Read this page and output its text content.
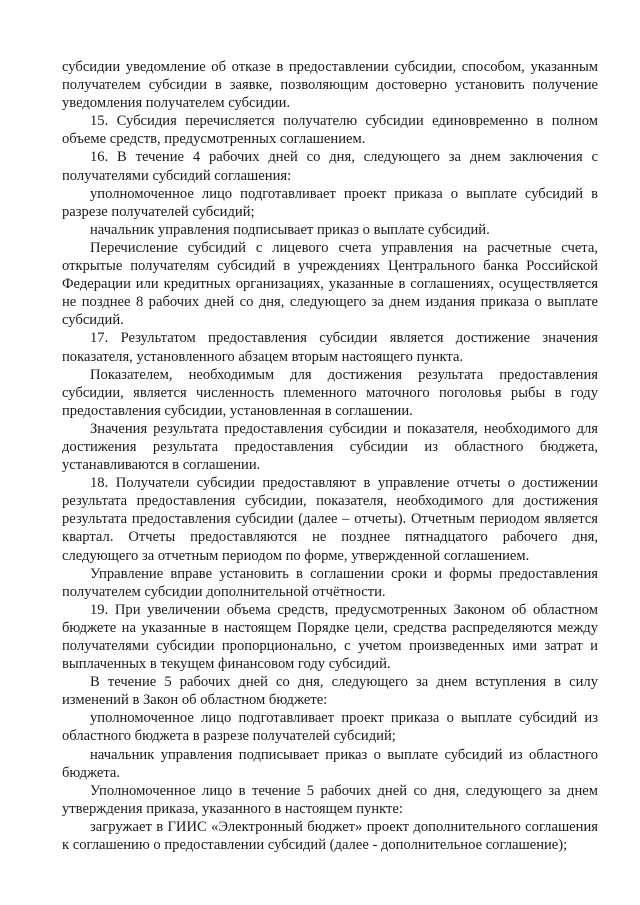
субсидии уведомление об отказе в предоставлении субсидии, способом, указанным получателем субсидии в заявке, позволяющим достоверно установить получение уведомления получателем субсидии.

15. Субсидия перечисляется получателю субсидии единовременно в полном объеме средств, предусмотренных соглашением.

16. В течение 4 рабочих дней со дня, следующего за днем заключения с получателями субсидий соглашения:

уполномоченное лицо подготавливает проект приказа о выплате субсидий в разрезе получателей субсидий;

начальник управления подписывает приказ о выплате субсидий.

Перечисление субсидий с лицевого счета управления на расчетные счета, открытые получателям субсидий в учреждениях Центрального банка Российской Федерации или кредитных организациях, указанные в соглашениях, осуществляется не позднее 8 рабочих дней со дня, следующего за днем издания приказа о выплате субсидий.

17. Результатом предоставления субсидии является достижение значения показателя, установленного абзацем вторым настоящего пункта.

Показателем, необходимым для достижения результата предоставления субсидии, является численность племенного маточного поголовья рыбы в году предоставления субсидии, установленная в соглашении.

Значения результата предоставления субсидии и показателя, необходимого для достижения результата предоставления субсидии из областного бюджета, устанавливаются в соглашении.

18. Получатели субсидии предоставляют в управление отчеты о достижении результата предоставления субсидии, показателя, необходимого для достижения результата предоставления субсидии (далее – отчеты). Отчетным периодом является квартал. Отчеты предоставляются не позднее пятнадцатого рабочего дня, следующего за отчетным периодом по форме, утвержденной соглашением.

Управление вправе установить в соглашении сроки и формы предоставления получателем субсидии дополнительной отчётности.

19. При увеличении объема средств, предусмотренных Законом об областном бюджете на указанные в настоящем Порядке цели, средства распределяются между получателями субсидии пропорционально, с учетом произведенных ими затрат и выплаченных в текущем финансовом году субсидий.

В течение 5 рабочих дней со дня, следующего за днем вступления в силу изменений в Закон об областном бюджете:

уполномоченное лицо подготавливает проект приказа о выплате субсидий из областного бюджета в разрезе получателей субсидий;

начальник управления подписывает приказ о выплате субсидий из областного бюджета.

Уполномоченное лицо в течение 5 рабочих дней со дня, следующего за днем утверждения приказа, указанного в настоящем пункте:

загружает в ГИИС «Электронный бюджет» проект дополнительного соглашения к соглашению о предоставлении субсидий (далее - дополнительное соглашение);
